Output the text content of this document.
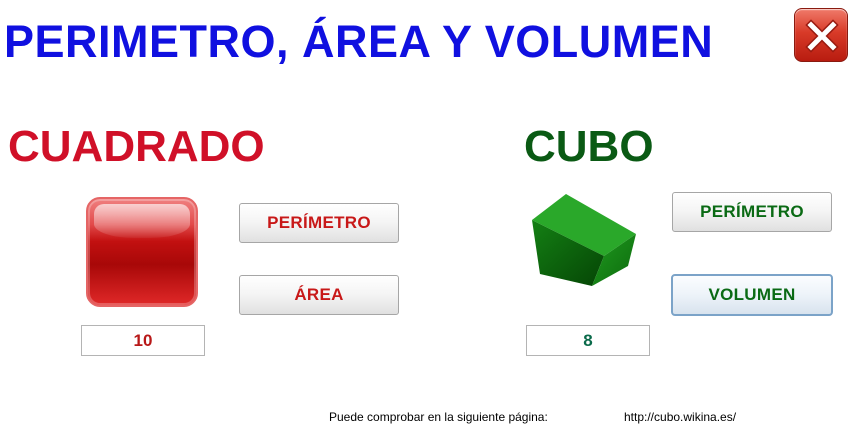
PERIMETRO, ÁREA Y VOLUMEN
CUADRADO	CUBO
PERÍMETRO
ÁREA
PERÍMETRO
VOLUMEN
10	8
Puede comprobar en la siguiente página:	http://cubo.wikina.es/
